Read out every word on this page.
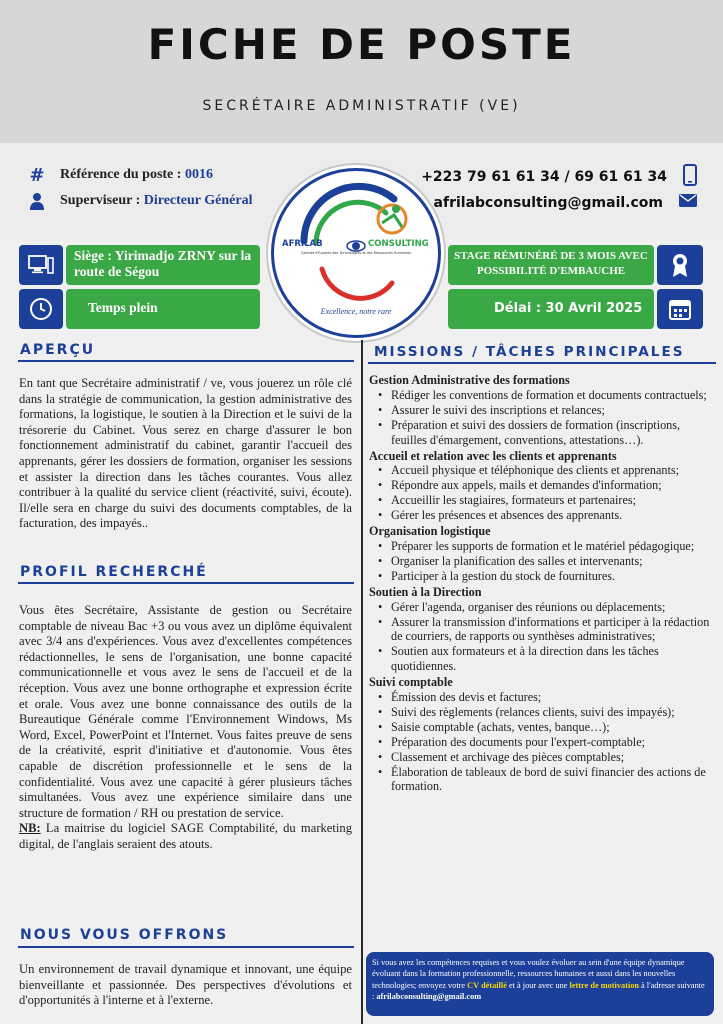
FICHE DE POSTE
SECRÉTAIRE ADMINISTRATIF (VE)
# Référence du poste : 0016
Superviseur : Directeur Général
+223 79 61 61 34 / 69 61 61 34
afrilabconsulting@gmail.com
AFRILAB	CONSULTING
Cabinet d'Experts des Technologies et des Ressources Humaines
Excellence, notre rare
Siège : Yirimadjo ZRNY sur la route de Ségou
Temps plein
STAGE RÉMUNÉRÉ DE 3 MOIS AVEC POSSIBILITÉ D'EMBAUCHE
Délai : 30 Avril 2025
APERÇU
En tant que Secrétaire administratif / ve, vous jouerez un rôle clé dans la stratégie de communication, la gestion administrative des formations, la logistique, le soutien à la Direction et le suivi de la trésorerie du Cabinet. Vous serez en charge d'assurer le bon fonctionnement administratif du cabinet, garantir l'accueil des apprenants, gérer les dossiers de formation, organiser les sessions et assister la direction dans les tâches courantes. Vous allez contribuer à la qualité du service client (réactivité, suivi, écoute). Il/elle sera en charge du suivi des documents comptables, de la facturation, des impayés..
PROFIL RECHERCHÉ
Vous êtes Secrétaire, Assistante de gestion ou Secrétaire comptable de niveau Bac +3 ou vous avez un diplôme équivalent avec 3/4 ans d'expériences. Vous avez d'excellentes compétences rédactionnelles, le sens de l'organisation, une bonne capacité communicationnelle et vous avez le sens de l'accueil et de la réception. Vous avez une bonne orthographe et expression écrite et orale. Vous avez une bonne connaissance des outils de la Bureautique Générale comme l'Environnement Windows, Ms Word, Excel, PowerPoint et l'Internet. Vous faites preuve de sens de la créativité, esprit d'initiative et d'autonomie. Vous êtes capable de discrétion professionnelle et le sens de la confidentialité. Vous avez une capacité à gérer plusieurs tâches simultanées. Vous avez une expérience similaire dans une structure de formation / RH ou prestation de service.
NB: La maitrise du logiciel SAGE Comptabilité, du marketing digital, de l'anglais seraient des atouts.
NOUS VOUS OFFRONS
Un environnement de travail dynamique et innovant, une équipe bienveillante et passionnée. Des perspectives d'évolutions et d'opportunités à l'interne et à l'externe.
MISSIONS / TÂCHES PRINCIPALES
Gestion Administrative des formations
• Rédiger les conventions de formation et documents contractuels;
• Assurer le suivi des inscriptions et relances;
• Préparation et suivi des dossiers de formation (inscriptions, feuilles d'émargement, conventions, attestations…).
Accueil et relation avec les clients et apprenants
• Accueil physique et téléphonique des clients et apprenants;
• Répondre aux appels, mails et demandes d'information;
• Accueillir les stagiaires, formateurs et partenaires;
• Gérer les présences et absences des apprenants.
Organisation logistique
• Préparer les supports de formation et le matériel pédagogique;
• Organiser la planification des salles et intervenants;
• Participer à la gestion du stock de fournitures.
Soutien à la Direction
• Gérer l'agenda, organiser des réunions ou déplacements;
• Assurer la transmission d'informations et participer à la rédaction de courriers, de rapports ou synthèses administratives;
• Soutien aux formateurs et à la direction dans les tâches quotidiennes.
Suivi comptable
• Émission des devis et factures;
• Suivi des règlements (relances clients, suivi des impayés);
• Saisie comptable (achats, ventes, banque…);
• Préparation des documents pour l'expert-comptable;
• Classement et archivage des pièces comptables;
• Élaboration de tableaux de bord de suivi financier des actions de formation.
Si vous avez les compétences requises et vous voulez évoluer au sein d'une équipe dynamique évoluant dans la formation professionnelle, ressources humaines et aussi dans les nouvelles technologies; envoyez votre CV détaillé et à jour avec une lettre de motivation à l'adresse suivante : afrilabconsulting@gmail.com
